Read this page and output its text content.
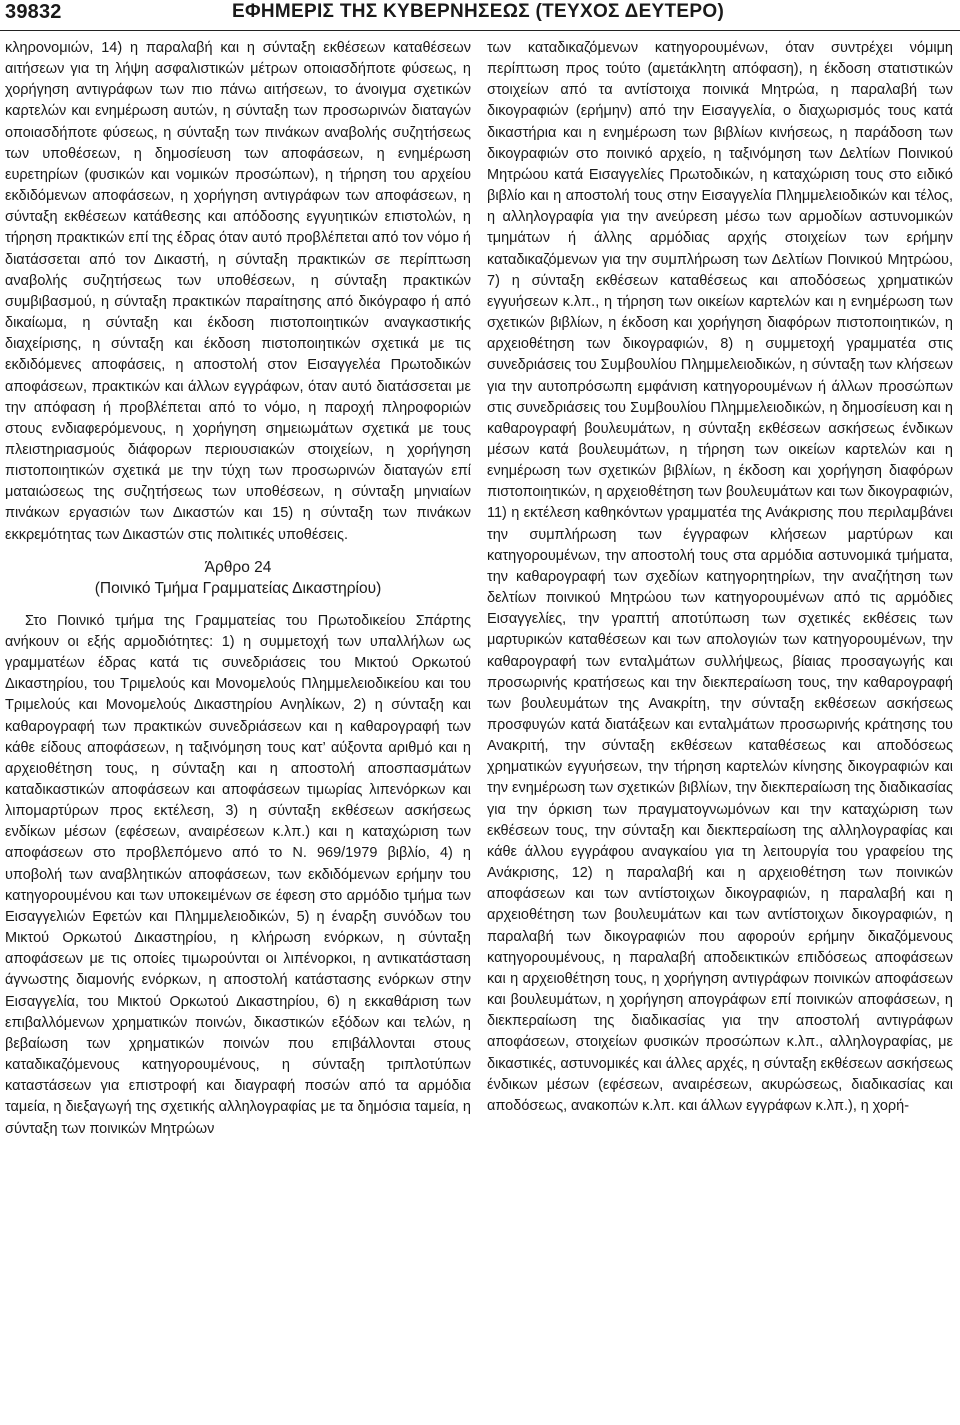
39832	ΕΦΗΜΕΡΙΣ ΤΗΣ ΚΥΒΕΡΝΗΣΕΩΣ (ΤΕΥΧΟΣ ΔΕΥΤΕΡΟ)

κληρονομιών, 14) η παραλαβή και η σύνταξη εκθέσεων καταθέσεων αιτήσεων για τη λήψη ασφαλιστικών μέτρων οποιασδήποτε φύσεως, η χορήγηση αντιγράφων των πιο πάνω αιτήσεων, το άνοιγμα σχετικών καρτελών και ενημέρωση αυτών, η σύνταξη των προσωρινών διαταγών οποιασδήποτε φύσεως, η σύνταξη των πινάκων αναβολής συζητήσεως των υποθέσεων, η δημοσίευση των αποφάσεων, η ενημέρωση ευρετηρίων (φυσικών και νομικών προσώπων), η τήρηση του αρχείου εκδιδόμενων αποφάσεων, η χορήγηση αντιγράφων των αποφάσεων, η σύνταξη εκθέσεων κατάθεσης και απόδοσης εγγυητικών επιστολών, η τήρηση πρακτικών επί της έδρας όταν αυτό προβλέπεται από τον νόμο ή διατάσσεται από τον Δικαστή, η σύνταξη πρακτικών σε περίπτωση αναβολής συζητήσεως των υποθέσεων, η σύνταξη πρακτικών συμβιβασμού, η σύνταξη πρακτικών παραίτησης από δικόγραφο ή από δικαίωμα, η σύνταξη και έκδοση πιστοποιητικών αναγκαστικής διαχείρισης, η σύνταξη και έκδοση πιστοποιητικών σχετικά με τις εκδιδόμενες αποφάσεις, η αποστολή στον Εισαγγελέα Πρωτοδικών αποφάσεων, πρακτικών και άλλων εγγράφων, όταν αυτό διατάσσεται με την απόφαση ή προβλέπεται από το νόμο, η παροχή πληροφοριών στους ενδιαφερόμενους, η χορήγηση σημειωμάτων σχετικά με τους πλειστηριασμούς διάφορων περιουσιακών στοιχείων, η χορήγηση πιστοποιητικών σχετικά με την τύχη των προσωρινών διαταγών επί ματαιώσεως της συζητήσεως των υποθέσεων, η σύνταξη μηνιαίων πινάκων εργασιών των Δικαστών και 15) η σύνταξη των πινάκων εκκρεμότητας των Δικαστών στις πολιτικές υποθέσεις.

Άρθρο 24

(Ποινικό Τμήμα Γραμματείας Δικαστηρίου)

Στο Ποινικό τμήμα της Γραμματείας του Πρωτοδικείου Σπάρτης ανήκουν οι εξής αρμοδιότητες: 1) η συμμετοχή των υπαλλήλων ως γραμματέων έδρας κατά τις συνεδριάσεις του Μικτού Ορκωτού Δικαστηρίου, του Τριμελούς και Μονομελούς Πλημμελειοδικείου και του Τριμελούς και Μονομελούς Δικαστηρίου Ανηλίκων, 2) η σύνταξη και καθαρογραφή των πρακτικών συνεδριάσεων και η καθαρογραφή των κάθε είδους αποφάσεων, η ταξινόμηση τους κατ’ αύξοντα αριθμό και η αρχειοθέτηση τους, η σύνταξη και η αποστολή αποσπασμάτων καταδικαστικών αποφάσεων και αποφάσεων τιμωρίας λιπενόρκων και λιπομαρτύρων προς εκτέλεση, 3) η σύνταξη εκθέσεων ασκήσεως ενδίκων μέσων (εφέσεων, αναιρέσεων κ.λπ.) και η καταχώριση των αποφάσεων στο προβλεπόμενο από το Ν. 969/1979 βιβλίο, 4) η υποβολή των αναβλητικών αποφάσεων, των εκδιδόμενων ερήμην του κατηγορουμένου και των υποκειμένων σε έφεση στο αρμόδιο τμήμα των Εισαγγελιών Εφετών και Πλημμελειοδικών, 5) η έναρξη συνόδων του Μικτού Ορκωτού Δικαστηρίου, η κλήρωση ενόρκων, η σύνταξη αποφάσεων με τις οποίες τιμωρούνται οι λιπένορκοι, η αντικατάσταση άγνωστης διαμονής ενόρκων, η αποστολή κατάστασης ενόρκων στην Εισαγγελία, του Μικτού Ορκωτού Δικαστηρίου, 6) η εκκαθάριση των επιβαλλόμενων χρηματικών ποινών, δικαστικών εξόδων και τελών, η βεβαίωση των χρηματικών ποινών που επιβάλλονται στους καταδικαζόμενους κατηγορουμένους, η σύνταξη τριπλοτύπων καταστάσεων για επιστροφή και διαγραφή ποσών από τα αρμόδια ταμεία, η διεξαγωγή της σχετικής αλληλογραφίας με τα δημόσια ταμεία, η σύνταξη των ποινικών Μητρώων

των καταδικαζόμενων κατηγορουμένων, όταν συντρέχει νόμιμη περίπτωση προς τούτο (αμετάκλητη απόφαση), η έκδοση στατιστικών στοιχείων από τα αντίστοιχα ποινικά Μητρώα, η παραλαβή των δικογραφιών (ερήμην) από την Εισαγγελία, ο διαχωρισμός τους κατά δικαστήρια και η ενημέρωση των βιβλίων κινήσεως, η παράδοση των δικογραφιών στο ποινικό αρχείο, η ταξινόμηση των Δελτίων Ποινικού Μητρώου κατά Εισαγγελίες Πρωτοδικών, η καταχώριση τους στο ειδικό βιβλίο και η αποστολή τους στην Εισαγγελία Πλημμελειοδικών και τέλος, η αλληλογραφία για την ανεύρεση μέσω των αρμοδίων αστυνομικών τμημάτων ή άλλης αρμόδιας αρχής στοιχείων των ερήμην καταδικαζόμενων για την συμπλήρωση των Δελτίων Ποινικού Μητρώου, 7) η σύνταξη εκθέσεων καταθέσεως και αποδόσεως χρηματικών εγγυήσεων κ.λπ., η τήρηση των οικείων καρτελών και η ενημέρωση των σχετικών βιβλίων, η έκδοση και χορήγηση διαφόρων πιστοποιητικών, η αρχειοθέτηση των δικογραφιών, 8) η συμμετοχή γραμματέα στις συνεδριάσεις του Συμβουλίου Πλημμελειοδικών, η σύνταξη των κλήσεων για την αυτοπρόσωπη εμφάνιση κατηγορουμένων ή άλλων προσώπων στις συνεδριάσεις του Συμβουλίου Πλημμελειοδικών, η δημοσίευση και η καθαρογραφή βουλευμάτων, η σύνταξη εκθέσεων ασκήσεως ένδικων μέσων κατά βουλευμάτων, η τήρηση των οικείων καρτελών και η ενημέρωση των σχετικών βιβλίων, η έκδοση και χορήγηση διαφόρων πιστοποιητικών, η αρχειοθέτηση των βουλευμάτων και των δικογραφιών, 11) η εκτέλεση καθηκόντων γραμματέα της Ανάκρισης που περιλαμβάνει την συμπλήρωση των έγγραφων κλήσεων μαρτύρων και κατηγορουμένων, την αποστολή τους στα αρμόδια αστυνομικά τμήματα, την καθαρογραφή των σχεδίων κατηγορητηρίων, την αναζήτηση των δελτίων ποινικού Μητρώου των κατηγορουμένων από τις αρμόδιες Εισαγγελίες, την γραπτή αποτύπωση των σχετικές εκθέσεις των μαρτυρικών καταθέσεων και των απολογιών των κατηγορουμένων, την καθαρογραφή των ενταλμάτων συλλήψεως, βίαιας προσαγωγής και προσωρινής κρατήσεως και την διεκπεραίωση τους, την καθαρογραφή των βουλευμάτων της Ανακρίτη, την σύνταξη εκθέσεων ασκήσεως προσφυγών κατά διατάξεων και ενταλμάτων προσωρινής κράτησης του Ανακριτή, την σύνταξη εκθέσεων καταθέσεως και αποδόσεως χρηματικών εγγυήσεων, την τήρηση καρτελών κίνησης δικογραφιών και την ενημέρωση των σχετικών βιβλίων, την διεκπεραίωση της διαδικασίας για την όρκιση των πραγματογνωμόνων και την καταχώριση των εκθέσεων τους, την σύνταξη και διεκπεραίωση της αλληλογραφίας και κάθε άλλου εγγράφου αναγκαίου για τη λειτουργία του γραφείου της Ανάκρισης, 12) η παραλαβή και η αρχειοθέτηση των ποινικών αποφάσεων και των αντίστοιχων δικογραφιών, η παραλαβή και η αρχειοθέτηση των βουλευμάτων και των αντίστοιχων δικογραφιών, η παραλαβή των δικογραφιών που αφορούν ερήμην δικαζόμενους κατηγορουμένους, η παραλαβή αποδεικτικών επιδόσεως αποφάσεων και η αρχειοθέτηση τους, η χορήγηση αντιγράφων ποινικών αποφάσεων και βουλευμάτων, η χορήγηση απογράφων επί ποινικών αποφάσεων, η διεκπεραίωση της διαδικασίας για την αποστολή αντιγράφων αποφάσεων, στοιχείων φυσικών προσώπων κ.λπ., αλληλογραφίας, με δικαστικές, αστυνομικές και άλλες αρχές, η σύνταξη εκθέσεων ασκήσεως ένδικων μέσων (εφέσεων, αναιρέσεων, ακυρώσεως, διαδικασίας και αποδόσεως, ανακοπών κ.λπ. και άλλων εγγράφων κ.λπ.), η χορή-
